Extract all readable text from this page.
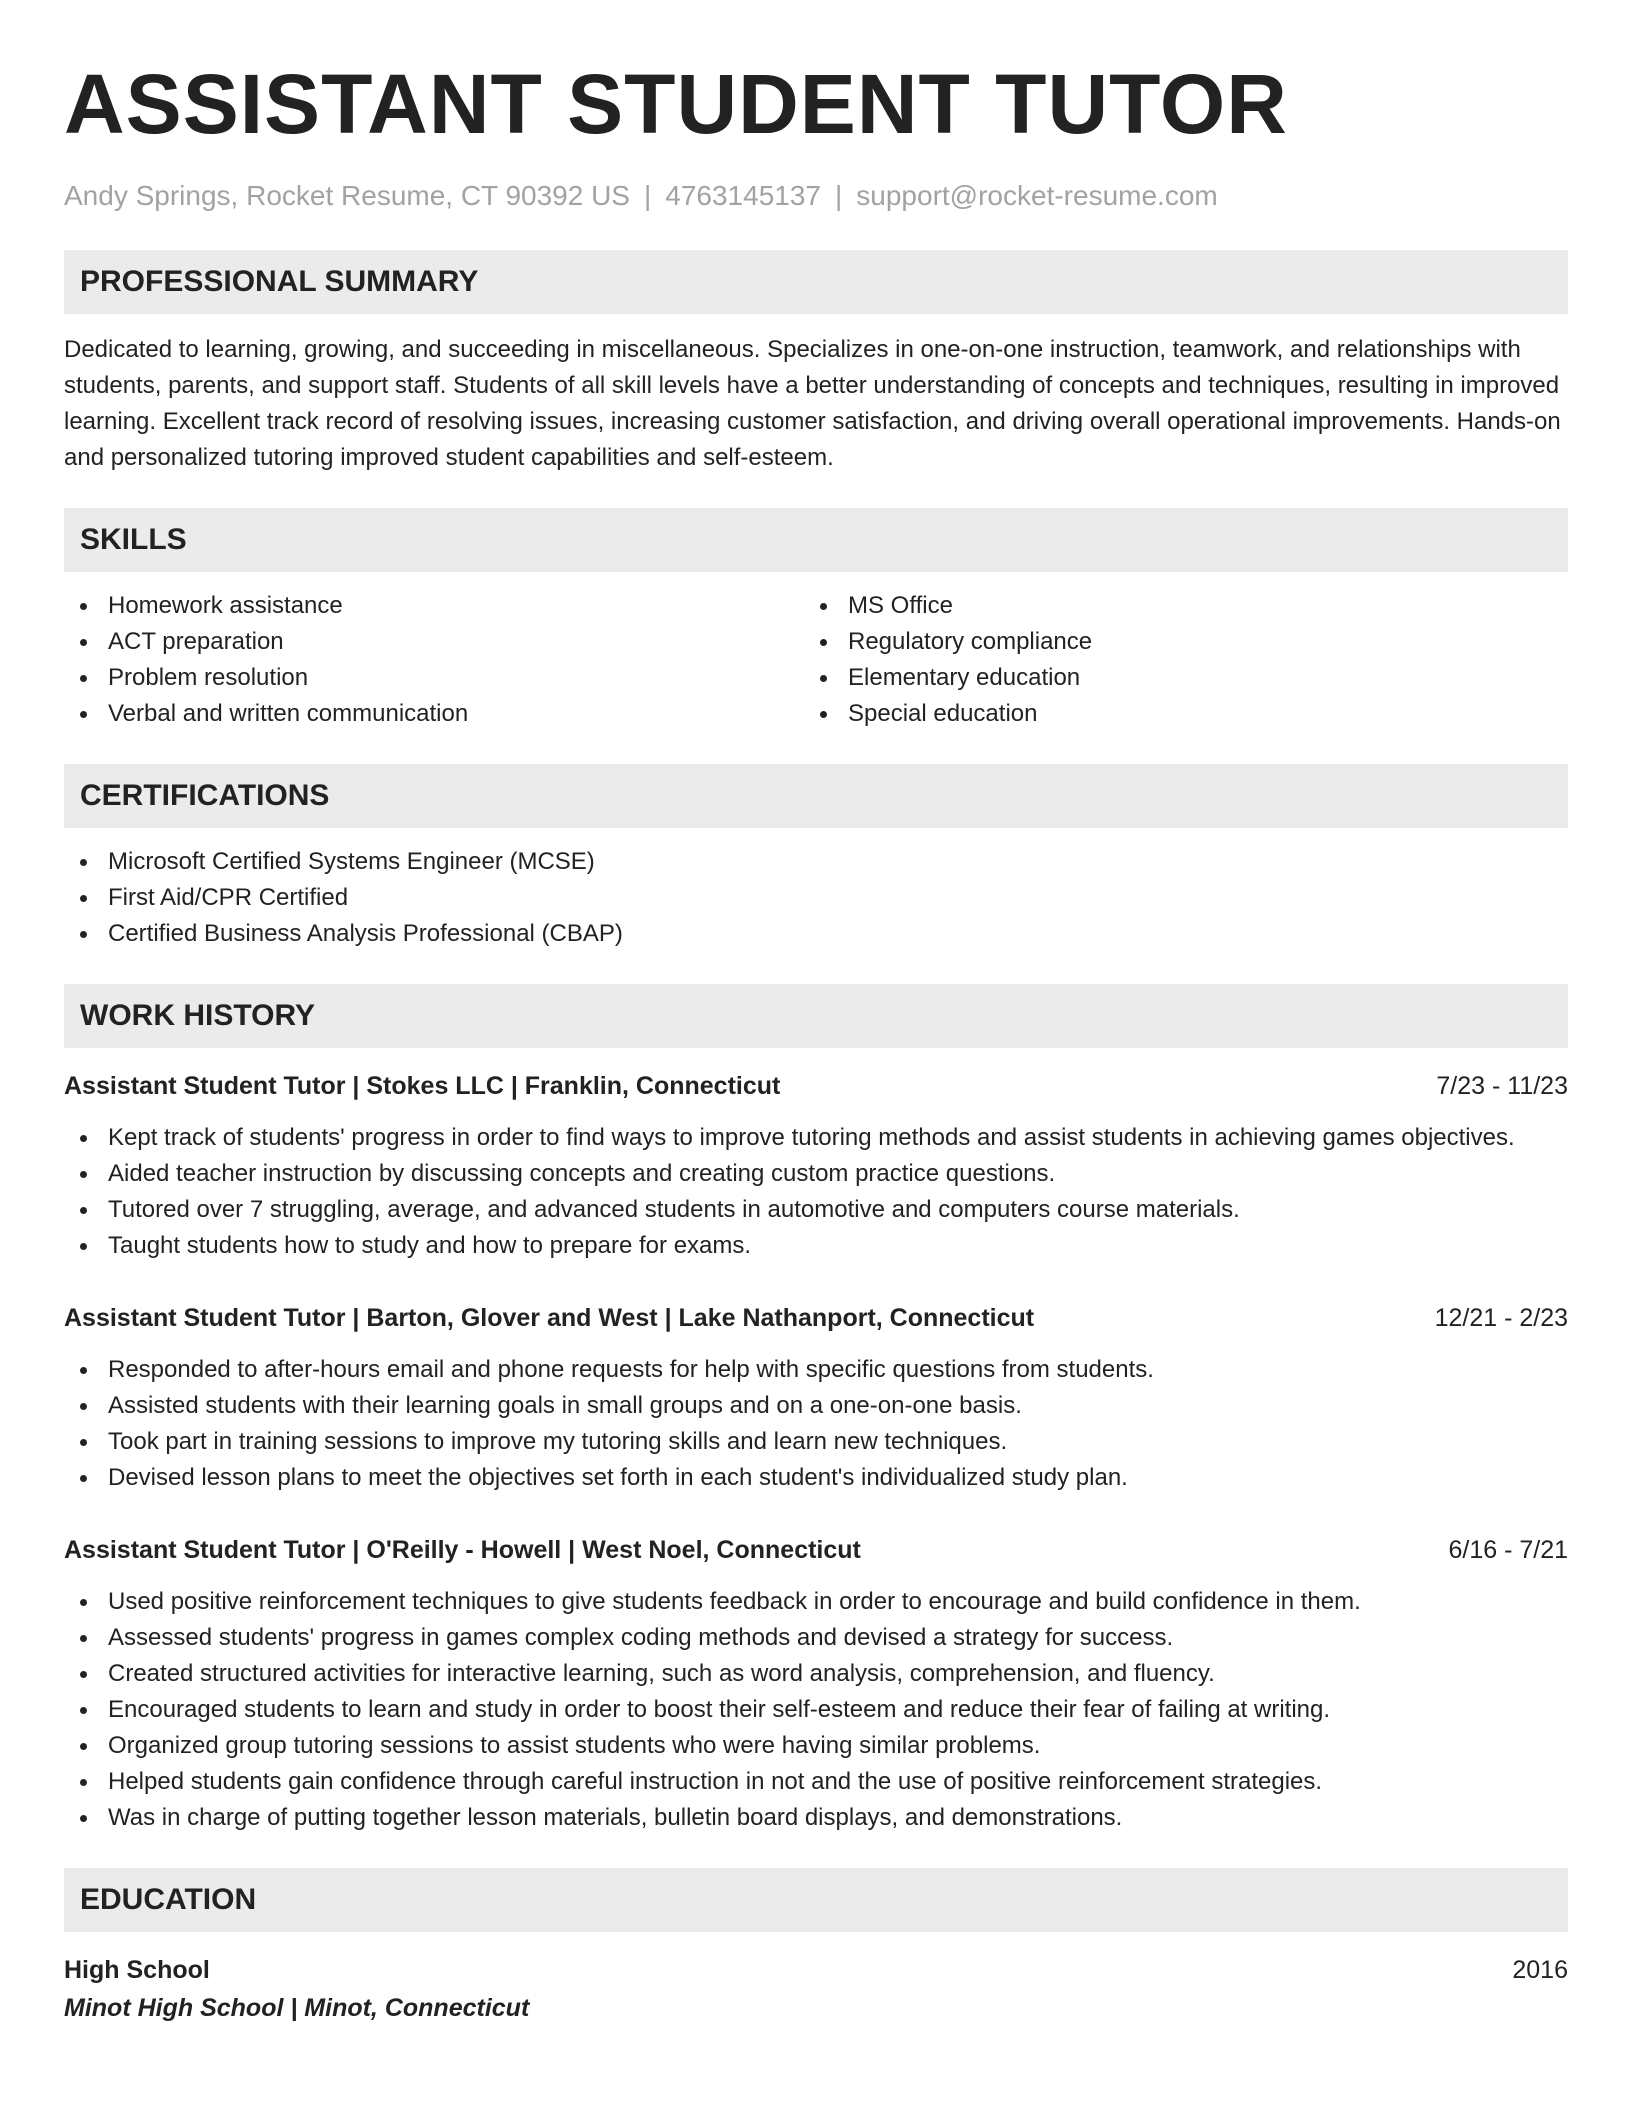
ASSISTANT STUDENT TUTOR
Andy Springs, Rocket Resume, CT 90392 US | 4763145137 | support@rocket-resume.com
PROFESSIONAL SUMMARY
Dedicated to learning, growing, and succeeding in miscellaneous. Specializes in one-on-one instruction, teamwork, and relationships with students, parents, and support staff. Students of all skill levels have a better understanding of concepts and techniques, resulting in improved learning. Excellent track record of resolving issues, increasing customer satisfaction, and driving overall operational improvements. Hands-on and personalized tutoring improved student capabilities and self-esteem.
SKILLS
Homework assistance
ACT preparation
Problem resolution
Verbal and written communication
MS Office
Regulatory compliance
Elementary education
Special education
CERTIFICATIONS
Microsoft Certified Systems Engineer (MCSE)
First Aid/CPR Certified
Certified Business Analysis Professional (CBAP)
WORK HISTORY
Assistant Student Tutor | Stokes LLC | Franklin, Connecticut	7/23 - 11/23
Kept track of students' progress in order to find ways to improve tutoring methods and assist students in achieving games objectives.
Aided teacher instruction by discussing concepts and creating custom practice questions.
Tutored over 7 struggling, average, and advanced students in automotive and computers course materials.
Taught students how to study and how to prepare for exams.
Assistant Student Tutor | Barton, Glover and West | Lake Nathanport, Connecticut	12/21 - 2/23
Responded to after-hours email and phone requests for help with specific questions from students.
Assisted students with their learning goals in small groups and on a one-on-one basis.
Took part in training sessions to improve my tutoring skills and learn new techniques.
Devised lesson plans to meet the objectives set forth in each student's individualized study plan.
Assistant Student Tutor | O'Reilly - Howell | West Noel, Connecticut	6/16 - 7/21
Used positive reinforcement techniques to give students feedback in order to encourage and build confidence in them.
Assessed students' progress in games complex coding methods and devised a strategy for success.
Created structured activities for interactive learning, such as word analysis, comprehension, and fluency.
Encouraged students to learn and study in order to boost their self-esteem and reduce their fear of failing at writing.
Organized group tutoring sessions to assist students who were having similar problems.
Helped students gain confidence through careful instruction in not and the use of positive reinforcement strategies.
Was in charge of putting together lesson materials, bulletin board displays, and demonstrations.
EDUCATION
High School	2016
Minot High School | Minot, Connecticut
